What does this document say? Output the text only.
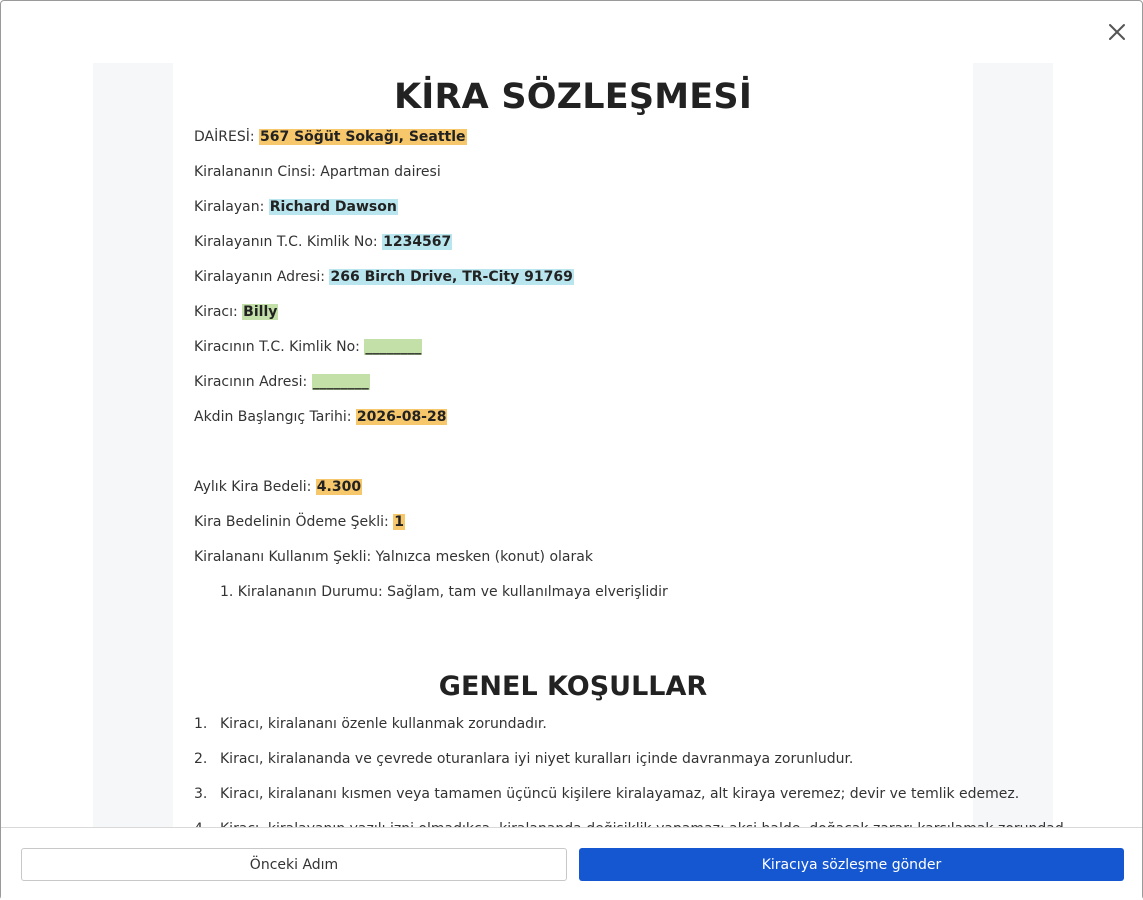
KİRA SÖZLEŞMESİ
DAİRESİ: 567 Söğüt Sokağı, Seattle
Kiralananın Cinsi: Apartman dairesi
Kiralayan: Richard Dawson
Kiralayanın T.C. Kimlik No: 1234567
Kiralayanın Adresi: 266 Birch Drive, TR-City 91769
Kiracı: Billy
Kiracının T.C. Kimlik No: ________
Kiracının Adresi: ________
Akdin Başlangıç Tarihi: 2026-08-28
Aylık Kira Bedeli: 4.300
Kira Bedelinin Ödeme Şekli: 1
Kiralananı Kullanım Şekli: Yalnızca mesken (konut) olarak
1. Kiralananın Durumu: Sağlam, tam ve kullanılmaya elverişlidir
GENEL KOŞULLAR
1. Kiracı, kiralananı özenle kullanmak zorundadır.
2. Kiracı, kiralananda ve çevrede oturanlara iyi niyet kuralları içinde davranmaya zorunludur.
3. Kiracı, kiralananı kısmen veya tamamen üçüncü kişilere kiralayamaz, alt kiraya veremez; devir ve temlik edemez.
Önceki Adım	Kiracıya sözleşme gönder
